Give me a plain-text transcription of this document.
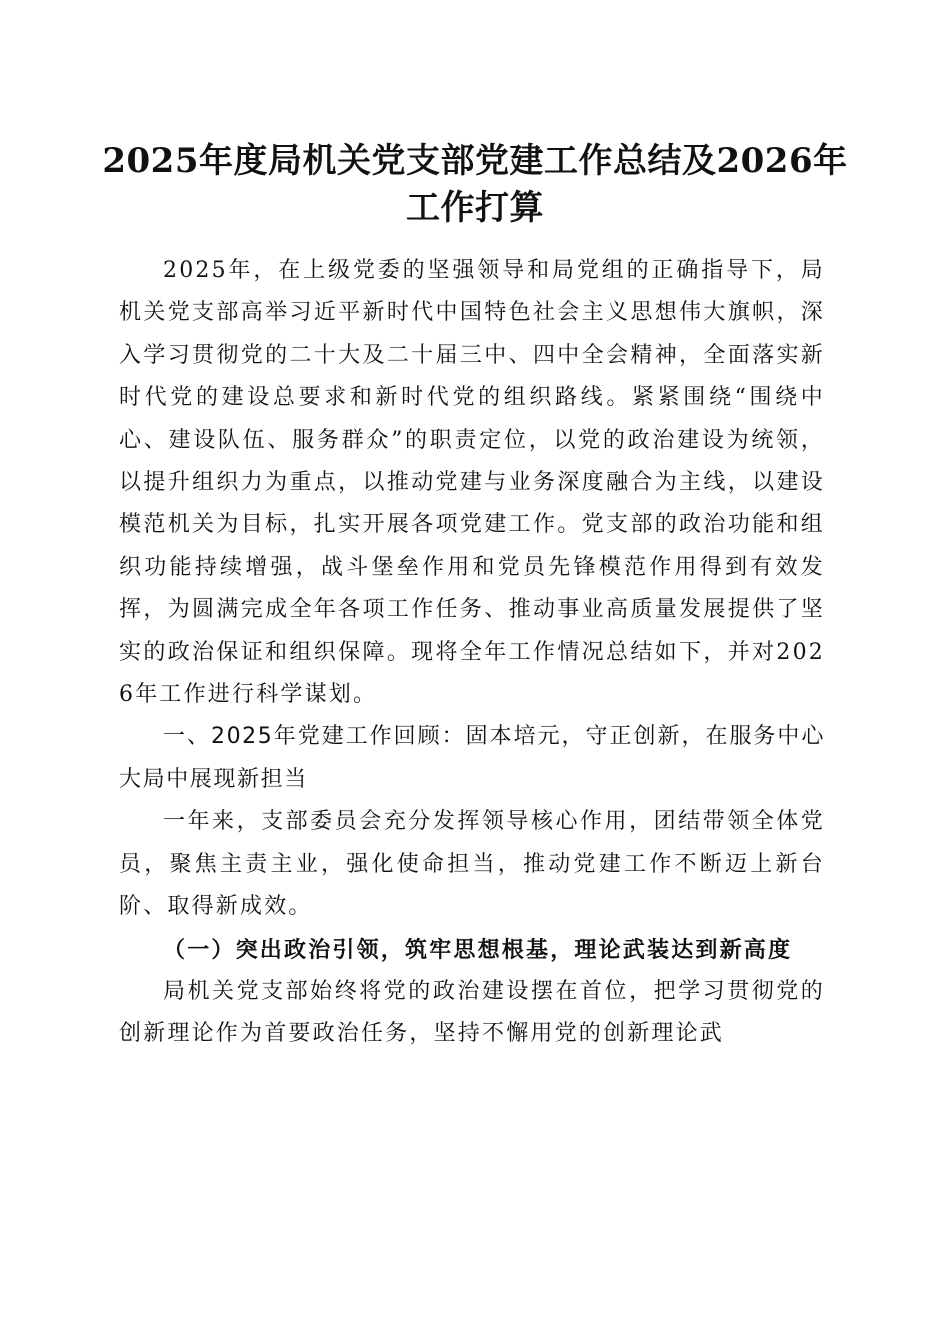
2025年度局机关党支部党建工作总结及2026年工作打算

2025年，在上级党委的坚强领导和局党组的正确指导下，局机关党支部高举习近平新时代中国特色社会主义思想伟大旗帜，深入学习贯彻党的二十大及二十届三中、四中全会精神，全面落实新时代党的建设总要求和新时代党的组织路线。紧紧围绕“围绕中心、建设队伍、服务群众”的职责定位，以党的政治建设为统领，以提升组织力为重点，以推动党建与业务深度融合为主线，以建设模范机关为目标，扎实开展各项党建工作。党支部的政治功能和组织功能持续增强，战斗堡垒作用和党员先锋模范作用得到有效发挥，为圆满完成全年各项工作任务、推动事业高质量发展提供了坚实的政治保证和组织保障。现将全年工作情况总结如下，并对2026年工作进行科学谋划。

一、2025年党建工作回顾：固本培元，守正创新，在服务中心大局中展现新担当

一年来，支部委员会充分发挥领导核心作用，团结带领全体党员，聚焦主责主业，强化使命担当，推动党建工作不断迈上新台阶、取得新成效。

（一）突出政治引领，筑牢思想根基，理论武装达到新高度

局机关党支部始终将党的政治建设摆在首位，把学习贯彻党的创新理论作为首要政治任务，坚持不懈用党的创新理论武
